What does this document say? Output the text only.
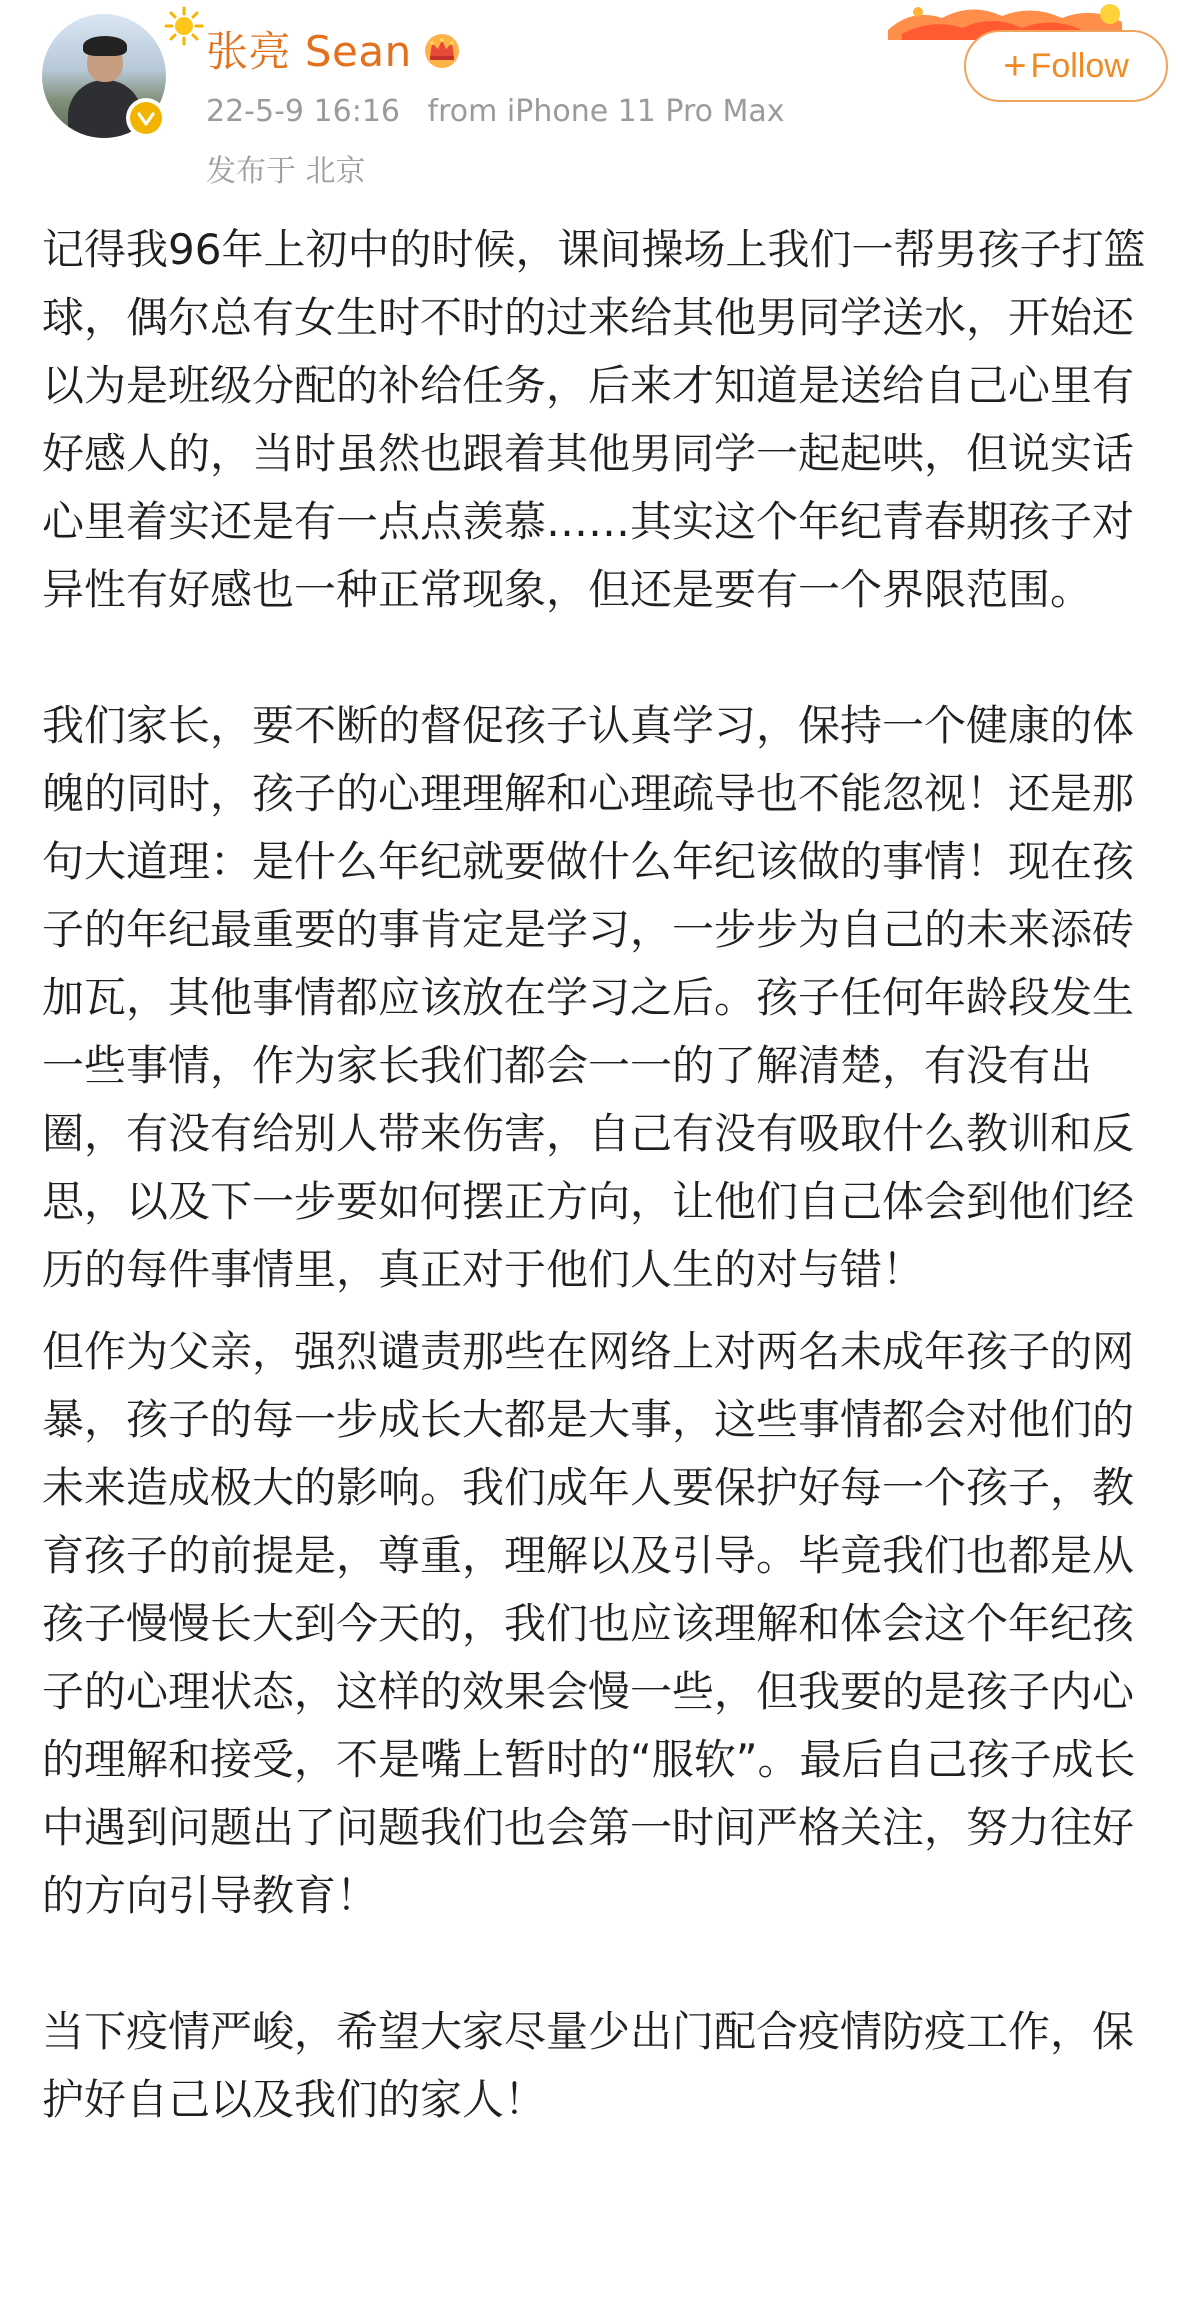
张亮 Sean
22-5-9 16:16 from iPhone 11 Pro Max
发布于 北京
+ Follow

记得我96年上初中的时候，课间操场上我们一帮男孩子打篮球，偶尔总有女生时不时的过来给其他男同学送水，开始还以为是班级分配的补给任务，后来才知道是送给自己心里有好感人的，当时虽然也跟着其他男同学一起起哄，但说实话心里着实还是有一点点羡慕……其实这个年纪青春期孩子对异性有好感也一种正常现象，但还是要有一个界限范围。

我们家长，要不断的督促孩子认真学习，保持一个健康的体魄的同时，孩子的心理理解和心理疏导也不能忽视！还是那句大道理：是什么年纪就要做什么年纪该做的事情！现在孩子的年纪最重要的事肯定是学习，一步步为自己的未来添砖加瓦，其他事情都应该放在学习之后。孩子任何年龄段发生一些事情，作为家长我们都会一一的了解清楚，有没有出圈，有没有给别人带来伤害，自己有没有吸取什么教训和反思，以及下一步要如何摆正方向，让他们自己体会到他们经历的每件事情里，真正对于他们人生的对与错！

但作为父亲，强烈谴责那些在网络上对两名未成年孩子的网暴，孩子的每一步成长大都是大事，这些事情都会对他们的未来造成极大的影响。我们成年人要保护好每一个孩子，教育孩子的前提是，尊重，理解以及引导。毕竟我们也都是从孩子慢慢长大到今天的，我们也应该理解和体会这个年纪孩子的心理状态，这样的效果会慢一些，但我要的是孩子内心的理解和接受，不是嘴上暂时的“服软”。最后自己孩子成长中遇到问题出了问题我们也会第一时间严格关注，努力往好的方向引导教育！

当下疫情严峻，希望大家尽量少出门配合疫情防疫工作，保护好自己以及我们的家人！
